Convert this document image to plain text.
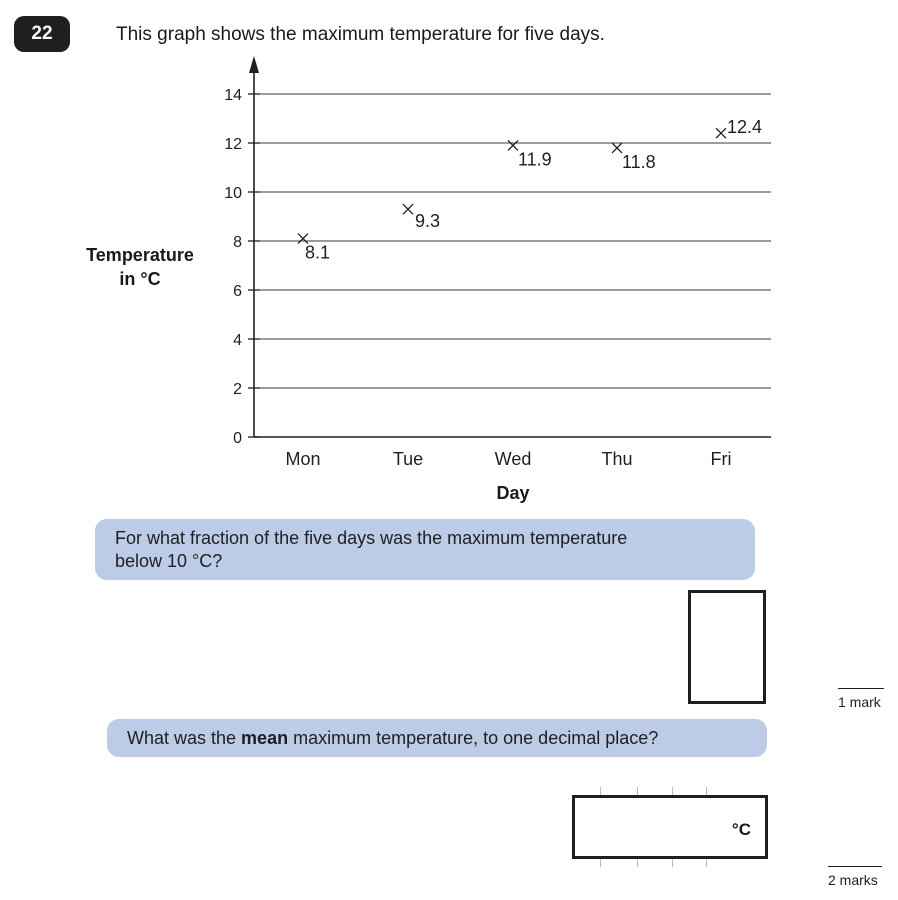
22	This graph shows the maximum temperature for five days.
0
2
4
6
8
10
12
14
Mon	Tue	Wed	Thu	Fri
8.1
9.3
11.9	11.8
12.4
Temperature
in °C
Day
For what fraction of the five days was the maximum temperature
below 10 °C?
1 mark
What was the mean maximum temperature, to one decimal place?
°C
2 marks
